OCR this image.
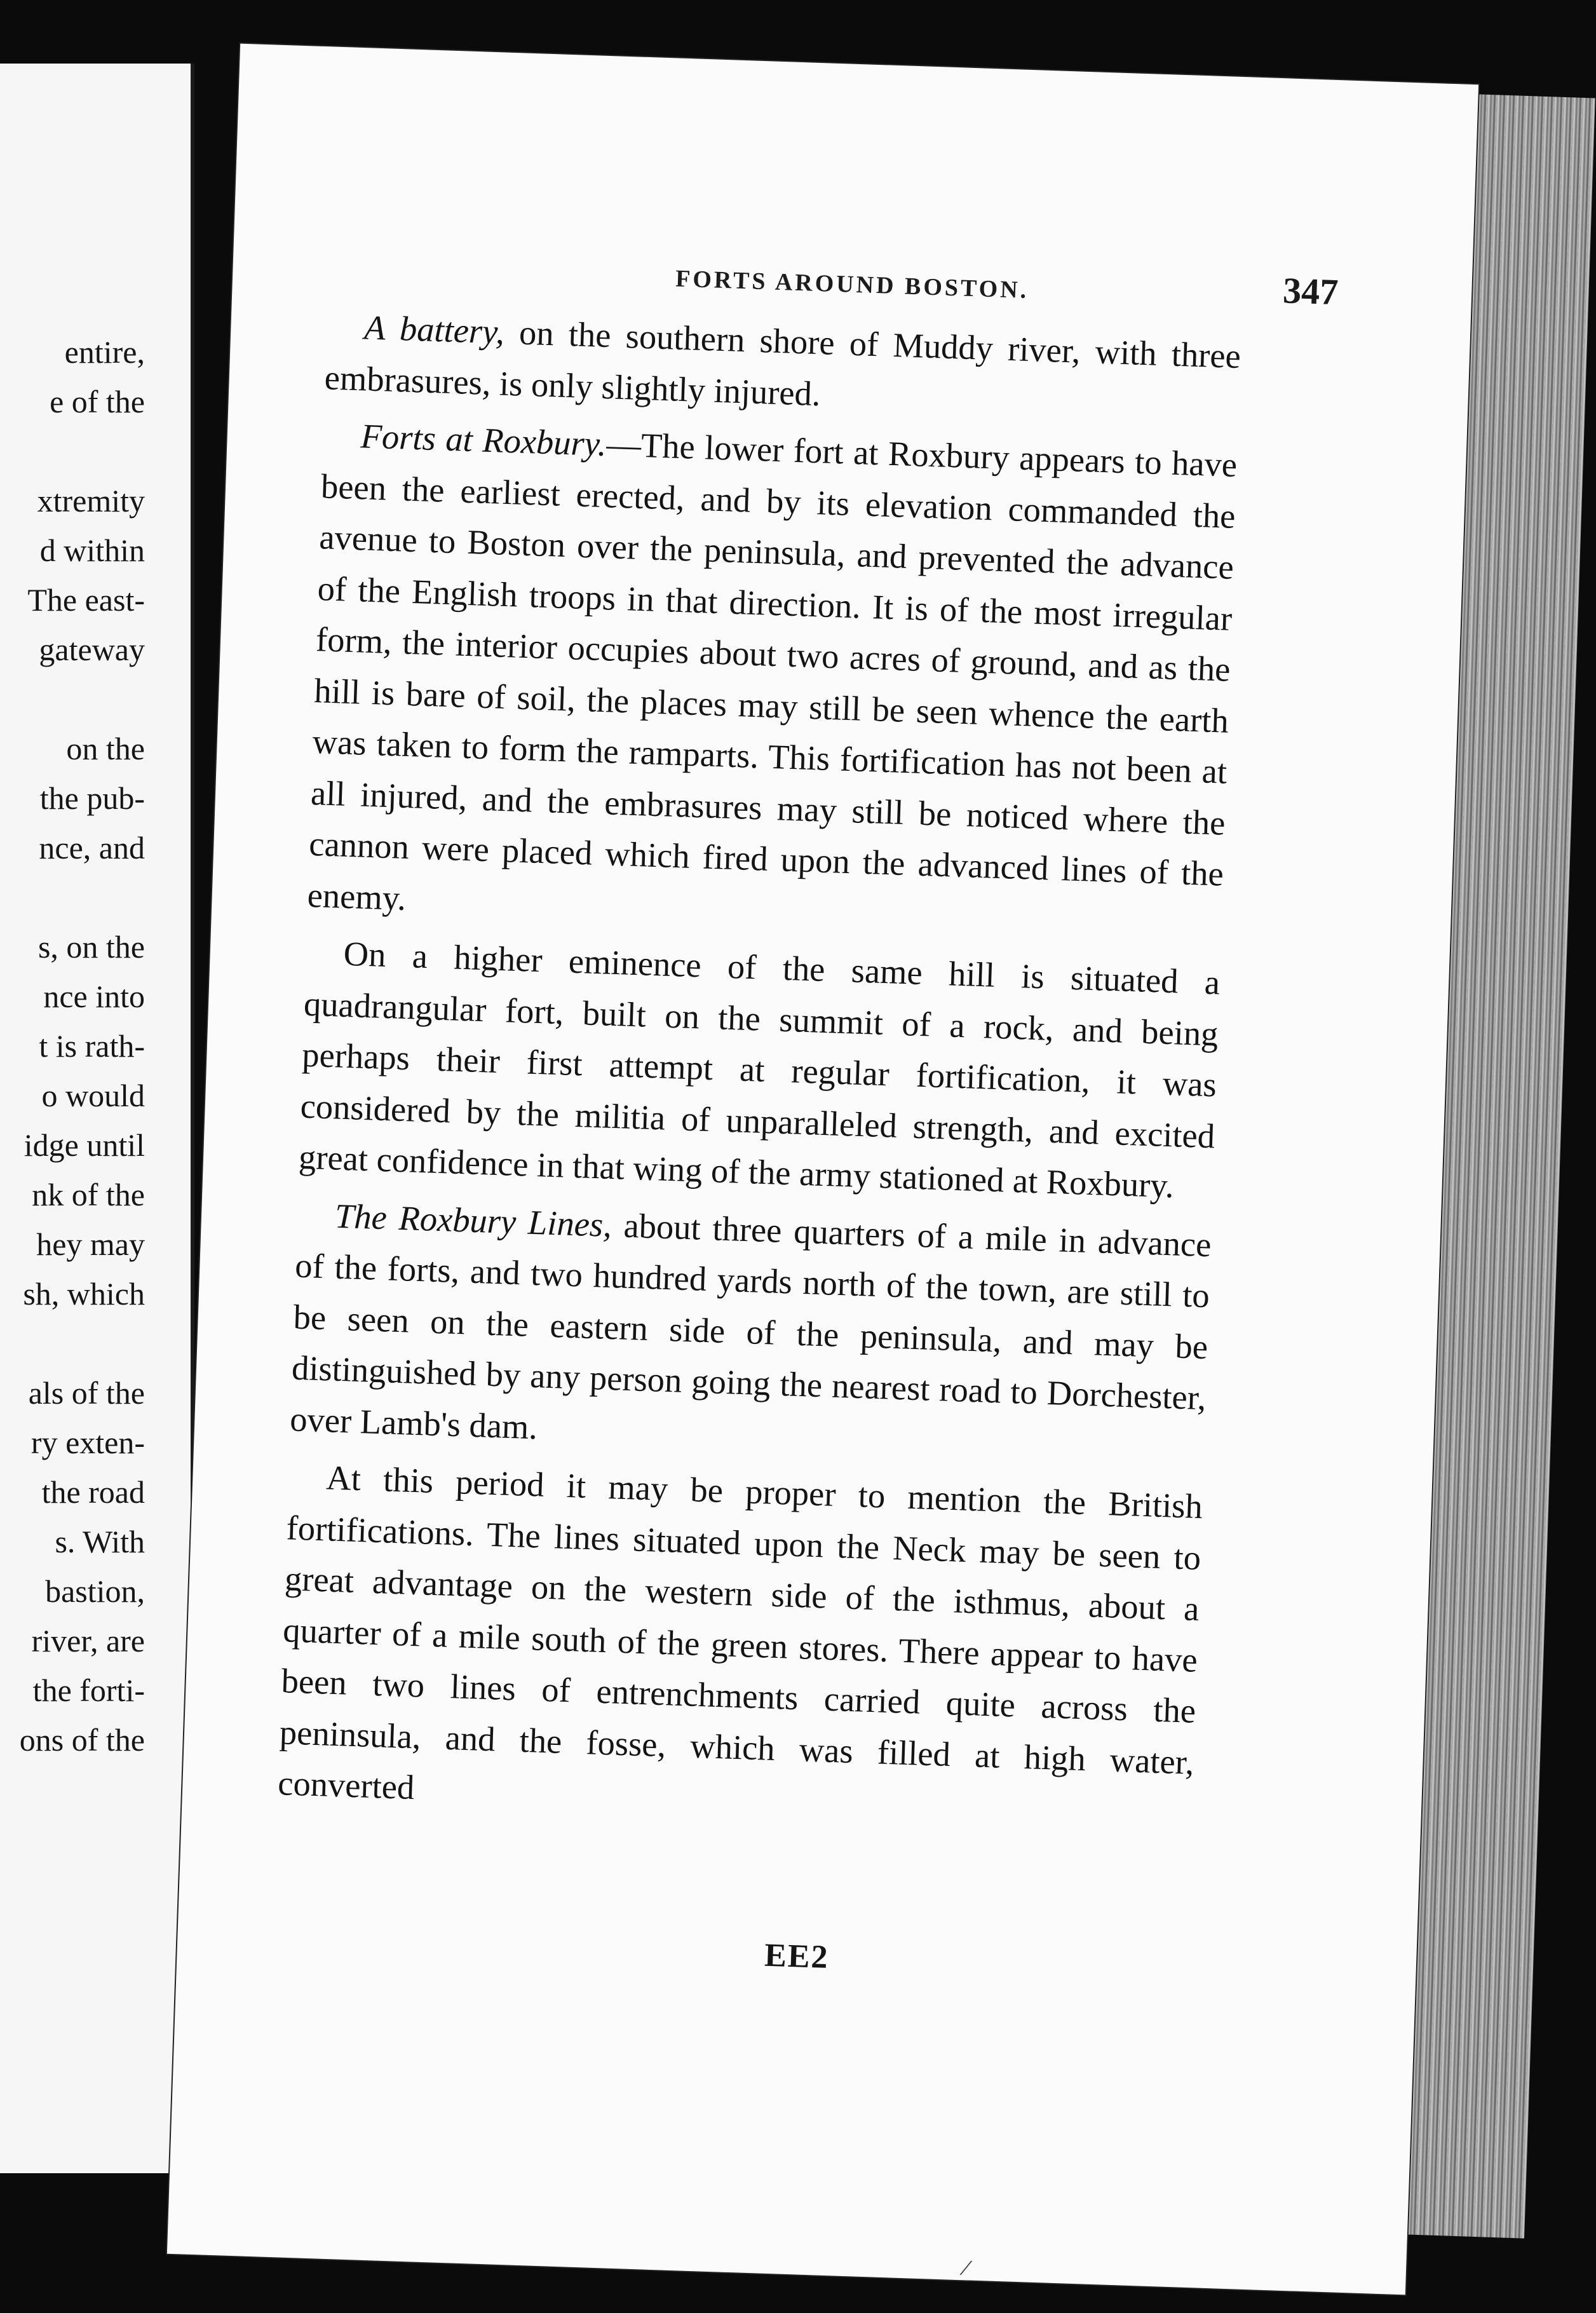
entire,
e of the
xtremity
d within
The east-
gateway
on the
the pub-
nce, and
s, on the
nce into
t is rath-
o would
idge until
nk of the
hey may
sh, which
als of the
ry exten-
the road
s. With
bastion,
river, are
the forti-
ons of the
FORTS AROUND BOSTON.	347

A battery, on the southern shore of Muddy river, with three embrasures, is only slightly injured.

Forts at Roxbury.—The lower fort at Roxbury appears to have been the earliest erected, and by its elevation commanded the avenue to Boston over the peninsula, and prevented the advance of the English troops in that direction. It is of the most irregular form, the interior occupies about two acres of ground, and as the hill is bare of soil, the places may still be seen whence the earth was taken to form the ramparts. This fortification has not been at all injured, and the embrasures may still be noticed where the cannon were placed which fired upon the advanced lines of the enemy.

On a higher eminence of the same hill is situated a quadrangular fort, built on the summit of a rock, and being perhaps their first attempt at regular fortification, it was considered by the militia of unparalleled strength, and excited great confidence in that wing of the army stationed at Roxbury.

The Roxbury Lines, about three quarters of a mile in advance of the forts, and two hundred yards north of the town, are still to be seen on the eastern side of the peninsula, and may be distinguished by any person going the nearest road to Dorchester, over Lamb's dam.

At this period it may be proper to mention the British fortifications. The lines situated upon the Neck may be seen to great advantage on the western side of the isthmus, about a quarter of a mile south of the green stores. There appear to have been two lines of entrenchments carried quite across the peninsula, and the fosse, which was filled at high water, converted

EE2
/
